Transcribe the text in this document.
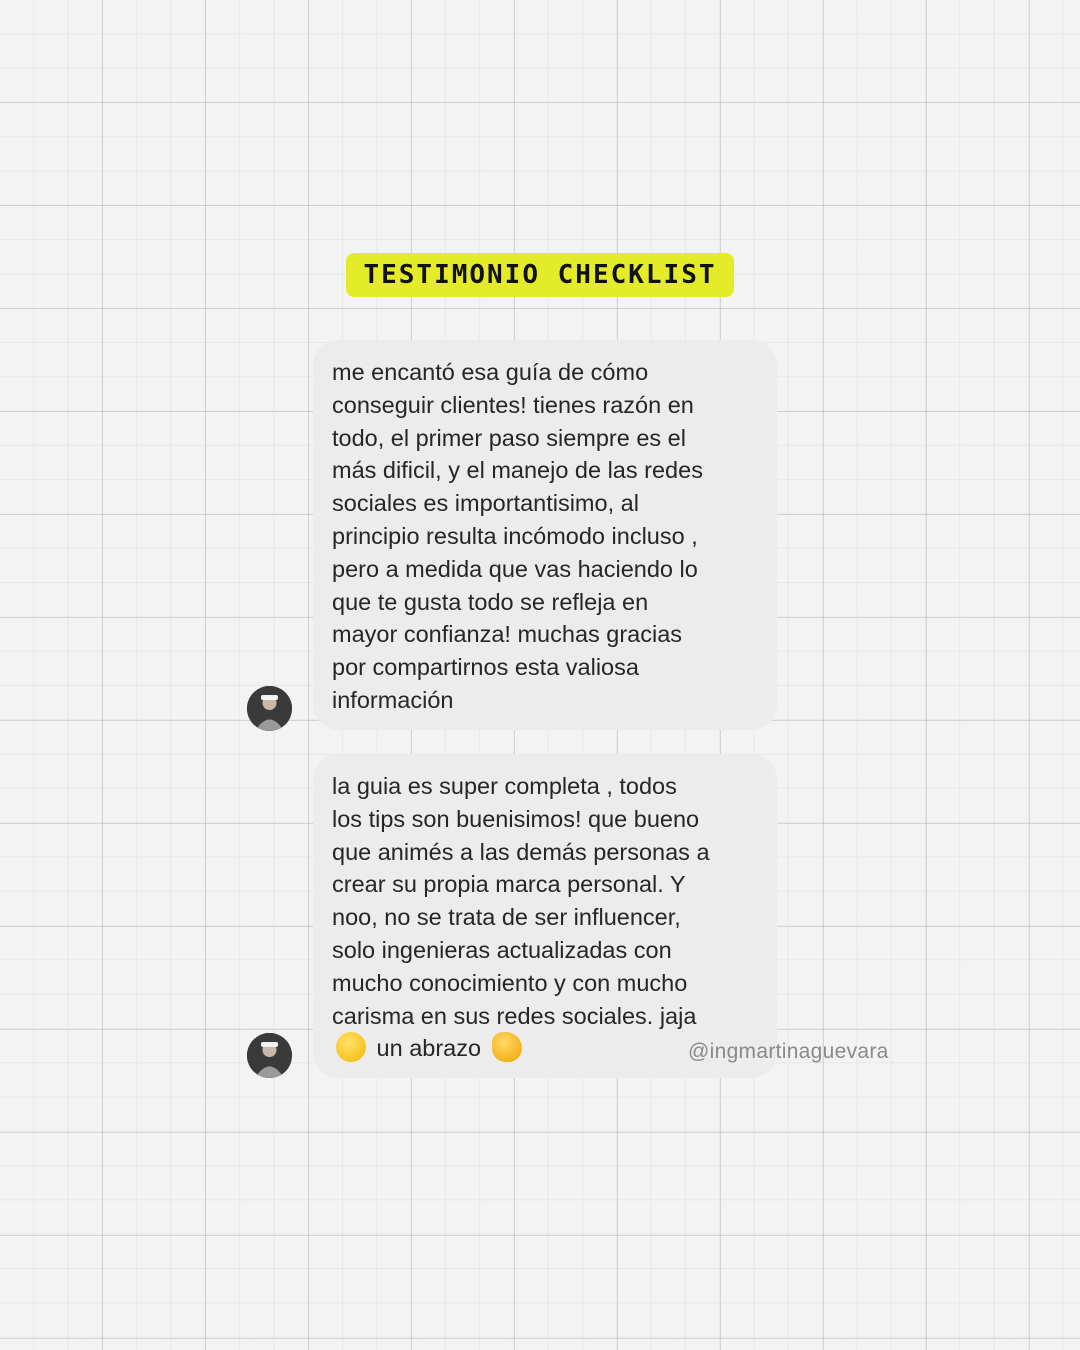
TESTIMONIO CHECKLIST

me encantó esa guía de cómo
conseguir clientes! tienes razón en
todo, el primer paso siempre es el
más dificil, y el manejo de las redes
sociales es importantisimo, al
principio resulta incómodo incluso ,
pero a medida que vas haciendo lo
que te gusta todo se refleja en
mayor confianza! muchas gracias
por compartirnos esta valiosa
información

la guia es super completa , todos
los tips son buenisimos! que bueno
que animés a las demás personas a
crear su propia marca personal. Y
noo, no se trata de ser influencer,
solo ingenieras actualizadas con
mucho conocimiento y con mucho
carisma en sus redes sociales. jaja

un abrazo	@ingmartinaguevara
